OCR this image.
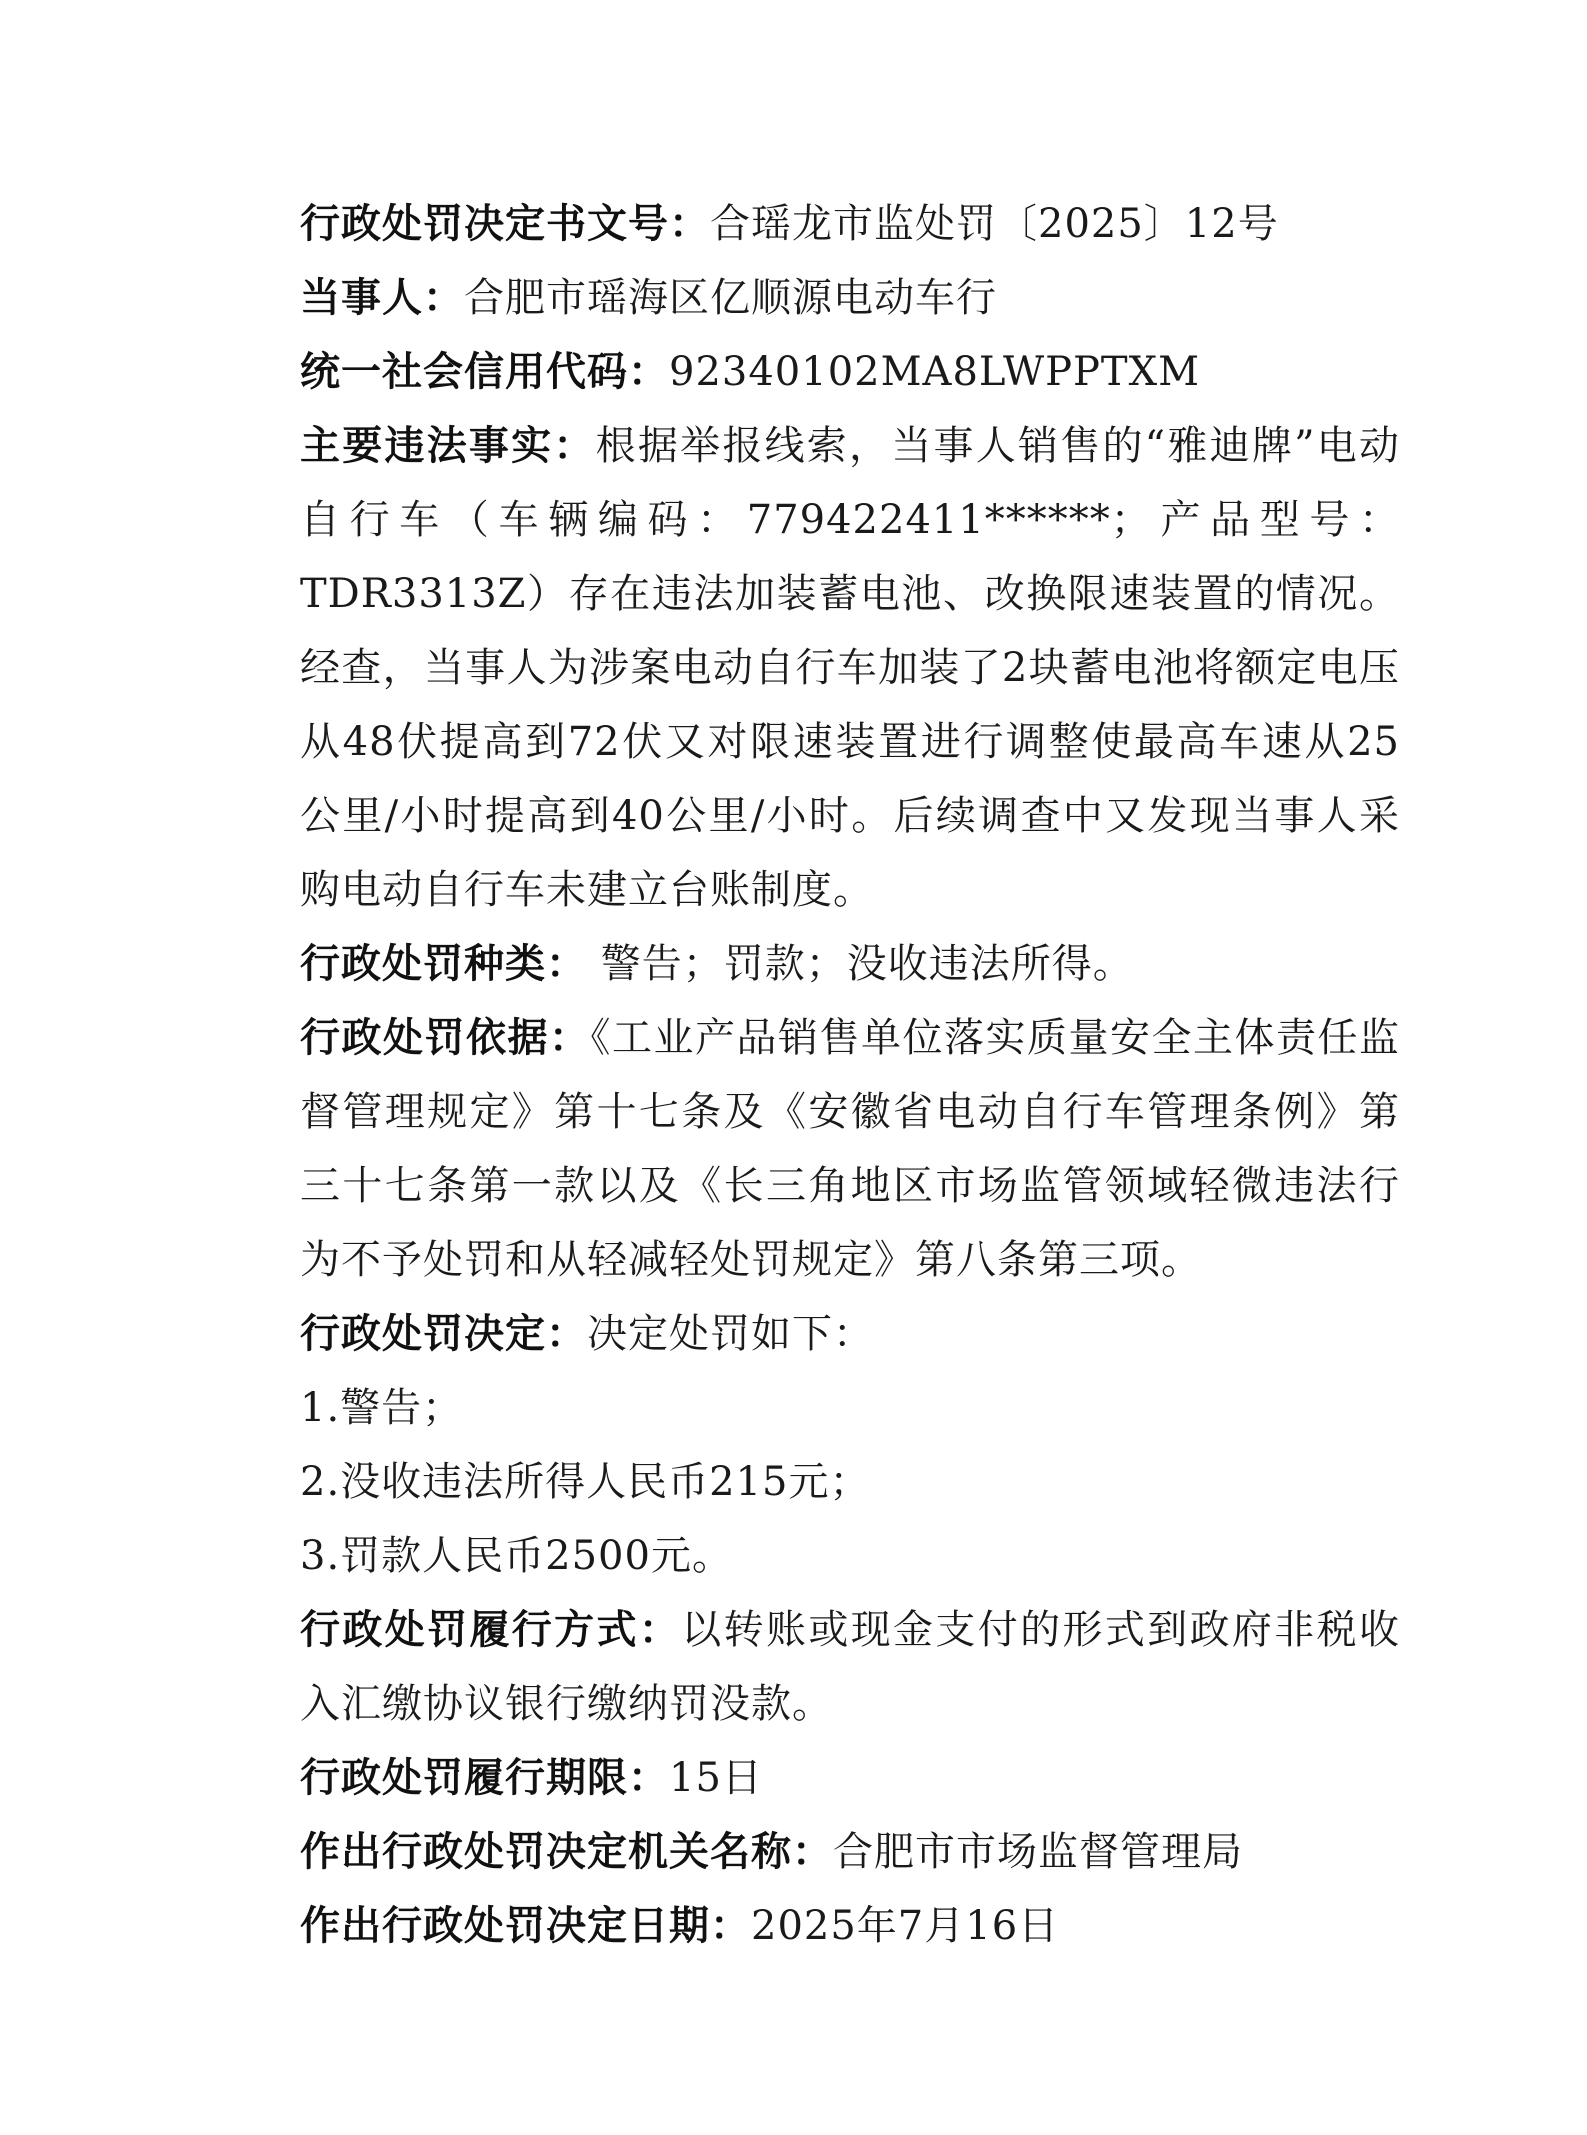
行政处罚决定书文号：合瑶龙市监处罚〔2025〕12号

当事人：合肥市瑶海区亿顺源电动车行

统一社会信用代码：92340102MA8LWPPTXM

主要违法事实：根据举报线索，当事人销售的“雅迪牌”电动自行车（车辆编码：779422411******；产品型号：TDR3313Z）存在违法加装蓄电池、改换限速装置的情况。经查，当事人为涉案电动自行车加装了2块蓄电池将额定电压从48伏提高到72伏又对限速装置进行调整使最高车速从25公里/小时提高到40公里/小时。后续调查中又发现当事人采购电动自行车未建立台账制度。

行政处罚种类： 警告；罚款；没收违法所得。

行政处罚依据：《工业产品销售单位落实质量安全主体责任监督管理规定》第十七条及《安徽省电动自行车管理条例》第三十七条第一款以及《长三角地区市场监管领域轻微违法行为不予处罚和从轻减轻处罚规定》第八条第三项。

行政处罚决定：决定处罚如下：

1.警告；

2.没收违法所得人民币215元；

3.罚款人民币2500元。

行政处罚履行方式：以转账或现金支付的形式到政府非税收入汇缴协议银行缴纳罚没款。

行政处罚履行期限：15日

作出行政处罚决定机关名称：合肥市市场监督管理局

作出行政处罚决定日期：2025年7月16日
